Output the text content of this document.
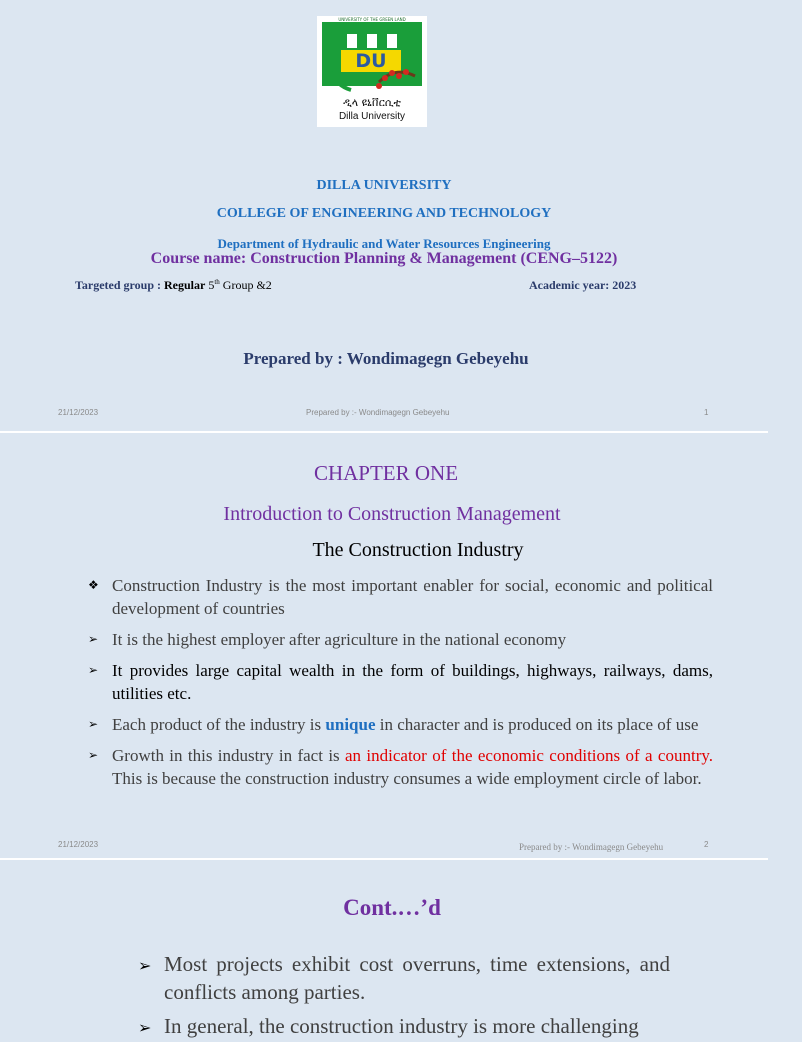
UNIVERSITY OF THE GREEN LAND
DU
ዲላ ዩኒቨርሲቲ
Dilla University
DILLA UNIVERSITY
COLLEGE OF ENGINEERING AND TECHNOLOGY
Department of Hydraulic and Water Resources Engineering
Course name: Construction Planning & Management (CENG–5122)
Targeted group : Regular 5th Group &2	Academic year: 2023
Prepared by : Wondimagegn Gebeyehu
21/12/2023	Prepared by :- Wondimagegn Gebeyehu	1
CHAPTER ONE
Introduction to Construction Management
The Construction Industry
❖ Construction Industry is the most important enabler for social, economic and political development of countries
➢ It is the highest employer after agriculture in the national economy
➢ It provides large capital wealth in the form of buildings, highways, railways, dams, utilities etc.
➢ Each product of the industry is unique in character and is produced on its place of use
➢ Growth in this industry in fact is an indicator of the economic conditions of a country. This is because the construction industry consumes a wide employment circle of labor.
21/12/2023	Prepared by :- Wondimagegn Gebeyehu	2
Cont.…’d
➢ Most projects exhibit cost overruns, time extensions, and conflicts among parties.
➢ In general, the construction industry is more challenging
